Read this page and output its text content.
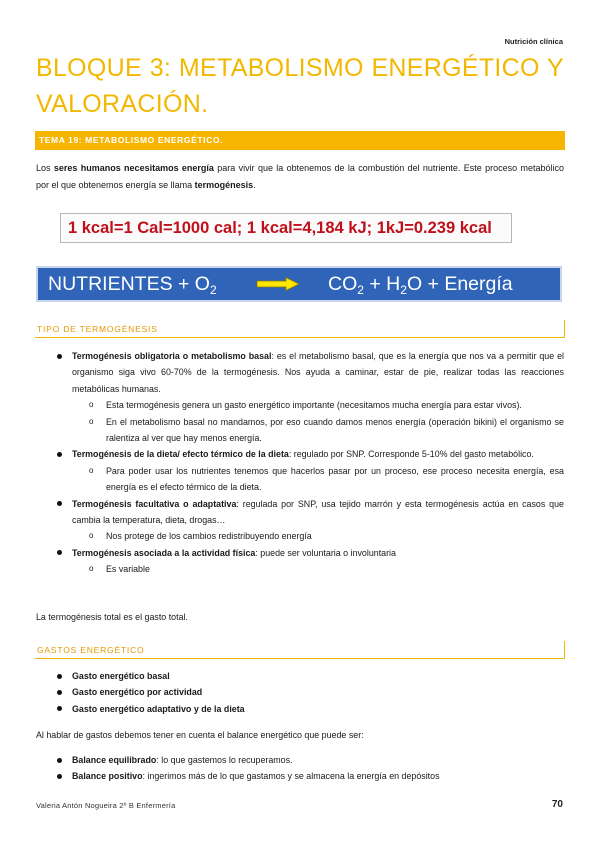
Nutrición clínica
BLOQUE 3: METABOLISMO ENERGÉTICO Y VALORACIÓN.
TEMA 19: METABOLISMO ENERGÉTICO.
Los seres humanos necesitamos energía para vivir que la obtenemos de la combustión del nutriente. Este proceso metabólico por el que obtenemos energía se llama termogénesis.
1 kcal=1 Cal=1000 cal; 1 kcal=4,184 kJ; 1kJ=0.239 kcal
NUTRIENTES + $O_2$	$CO_2 + H_2O$ + Energía
TIPO DE TERMOGÉNESIS
Termogénesis obligatoria o metabolismo basal: es el metabolismo basal, que es la energía que nos va a permitir que el organismo siga vivo 60-70% de la termogénesis. Nos ayuda a caminar, estar de pie, realizar todas las reacciones metabólicas humanas.
o Esta termogénesis genera un gasto energético importante (necesitamos mucha energía para estar vivos).
o En el metabolismo basal no mandamos, por eso cuando damos menos energía (operación bikini) el organismo se ralentiza al ver que hay menos energía.
Termogénesis de la dieta/ efecto térmico de la dieta: regulado por SNP. Corresponde 5-10% del gasto metabólico.
o Para poder usar los nutrientes tenemos que hacerlos pasar por un proceso, ese proceso necesita energía, esa energía es el efecto térmico de la dieta.
Termogénesis facultativa o adaptativa: regulada por SNP, usa tejido marrón y esta termogénesis actúa en casos que cambia la temperatura, dieta, drogas…
o Nos protege de los cambios redistribuyendo energía
Termogénesis asociada a la actividad física: puede ser voluntaria o involuntaria
o Es variable
La termogénesis total es el gasto total.
GASTOS ENERGÉTICO
Gasto energético basal
Gasto energético por actividad
Gasto energético adaptativo y de la dieta
Al hablar de gastos debemos tener en cuenta el balance energético que puede ser:
Balance equilibrado: lo que gastemos lo recuperamos.
Balance positivo: ingerimos más de lo que gastamos y se almacena la energía en depósitos
Valeria Antón Nogueira 2º B Enfermería	70
